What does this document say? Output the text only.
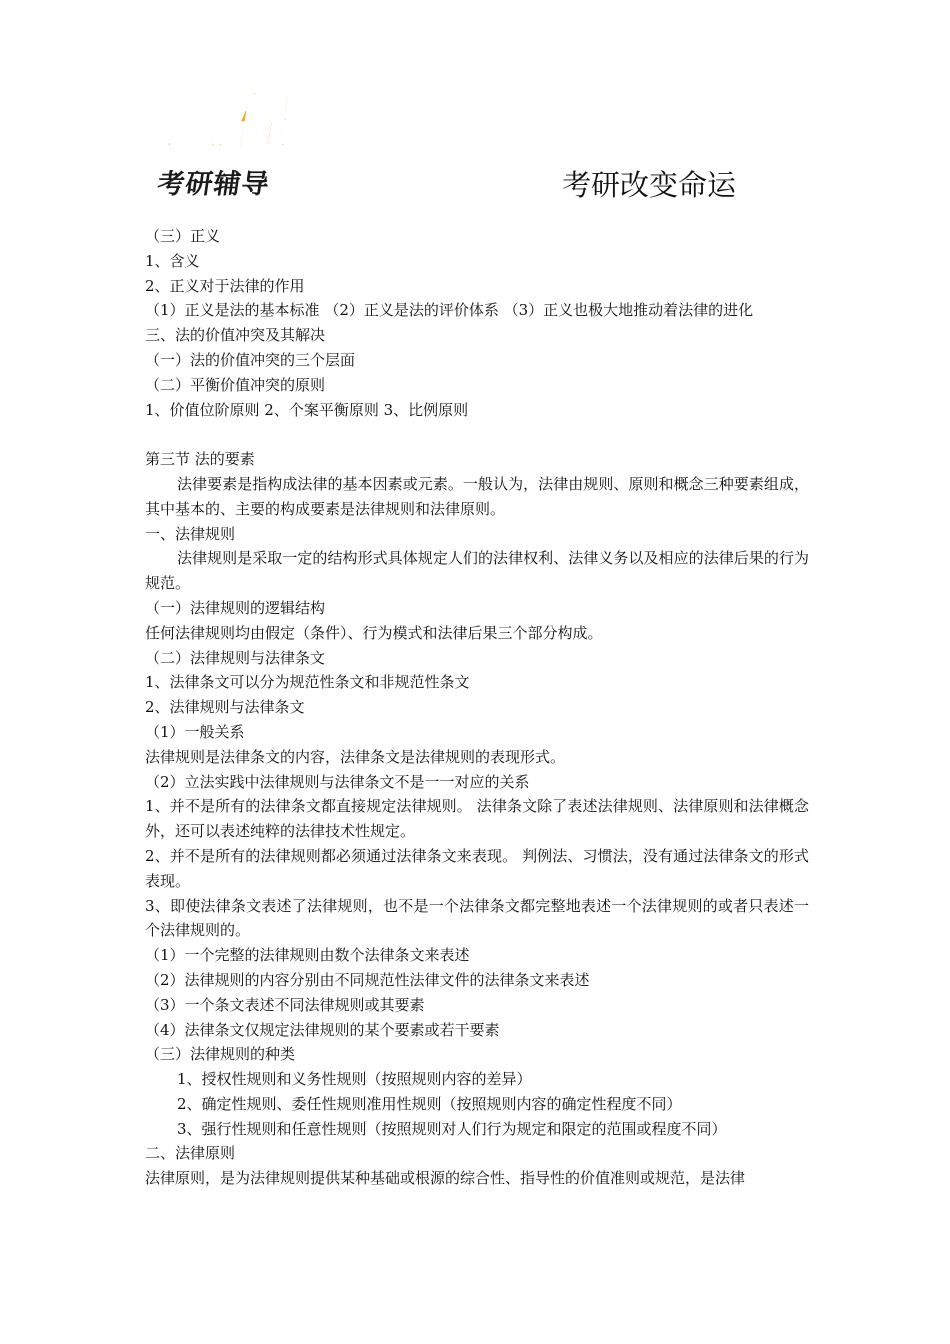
凯程
考研辅导	考研改变命运

（三）正义

1、含义

2、正义对于法律的作用

（1）正义是法的基本标准 （2）正义是法的评价体系 （3）正义也极大地推动着法律的进化

三、法的价值冲突及其解决

（一）法的价值冲突的三个层面

（二）平衡价值冲突的原则

1、价值位阶原则 2、个案平衡原则 3、比例原则

第三节 法的要素

法律要素是指构成法律的基本因素或元素。一般认为，法律由规则、原则和概念三种要素组成，其中基本的、主要的构成要素是法律规则和法律原则。

一、法律规则

法律规则是采取一定的结构形式具体规定人们的法律权利、法律义务以及相应的法律后果的行为规范。

（一）法律规则的逻辑结构

任何法律规则均由假定（条件）、行为模式和法律后果三个部分构成。

（二）法律规则与法律条文

1、法律条文可以分为规范性条文和非规范性条文

2、法律规则与法律条文

（1）一般关系

法律规则是法律条文的内容，法律条文是法律规则的表现形式。

（2）立法实践中法律规则与法律条文不是一一对应的关系

1、并不是所有的法律条文都直接规定法律规则。 法律条文除了表述法律规则、法律原则和法律概念外，还可以表述纯粹的法律技术性规定。

2、并不是所有的法律规则都必须通过法律条文来表现。 判例法、习惯法，没有通过法律条文的形式表现。

3、即使法律条文表述了法律规则，也不是一个法律条文都完整地表述一个法律规则的或者只表述一个法律规则的。

（1）一个完整的法律规则由数个法律条文来表述

（2）法律规则的内容分别由不同规范性法律文件的法律条文来表述

（3）一个条文表述不同法律规则或其要素

（4）法律条文仅规定法律规则的某个要素或若干要素

（三）法律规则的种类

1、授权性规则和义务性规则（按照规则内容的差异）

2、确定性规则、委任性规则准用性规则（按照规则内容的确定性程度不同）

3、强行性规则和任意性规则（按照规则对人们行为规定和限定的范围或程度不同）

二、法律原则

法律原则，是为法律规则提供某种基础或根源的综合性、指导性的价值准则或规范，是法律
